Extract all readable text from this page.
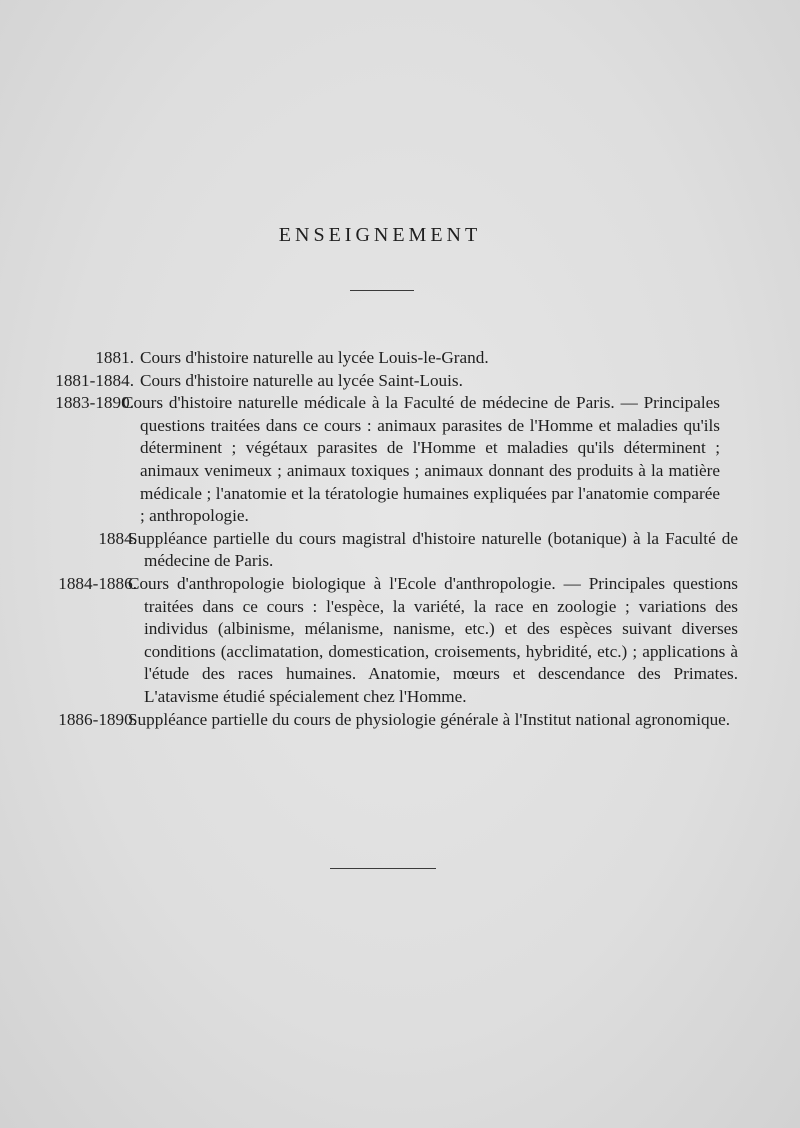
ENSEIGNEMENT
1881. Cours d'histoire naturelle au lycée Louis-le-Grand.
1881-1884. Cours d'histoire naturelle au lycée Saint-Louis.
1883-1890.
Cours d'histoire naturelle médicale à la Faculté de médecine de Paris. — Principales questions traitées dans ce cours : animaux parasites de l'Homme et maladies qu'ils déterminent ; végétaux parasites de l'Homme et maladies qu'ils déterminent ; animaux venimeux ; animaux toxiques ; animaux donnant des produits à la matière médicale ; l'anatomie et la tératologie humaines expliquées par l'anatomie comparée ; anthropologie.
1884.
Suppléance partielle du cours magistral d'histoire naturelle (botanique) à la Faculté de médecine de Paris.
1884-1886.
Cours d'anthropologie biologique à l'Ecole d'anthropologie. — Principales questions traitées dans ce cours : l'espèce, la variété, la race en zoologie ; variations des individus (albinisme, mélanisme, nanisme, etc.) et des espèces suivant diverses conditions (acclimatation, domestication, croisements, hybridité, etc.) ; applications à l'étude des races humaines. Anatomie, mœurs et descendance des Primates. L'atavisme étudié spécialement chez l'Homme.
1886-1890.
Suppléance partielle du cours de physiologie générale à l'Institut national agronomique.
